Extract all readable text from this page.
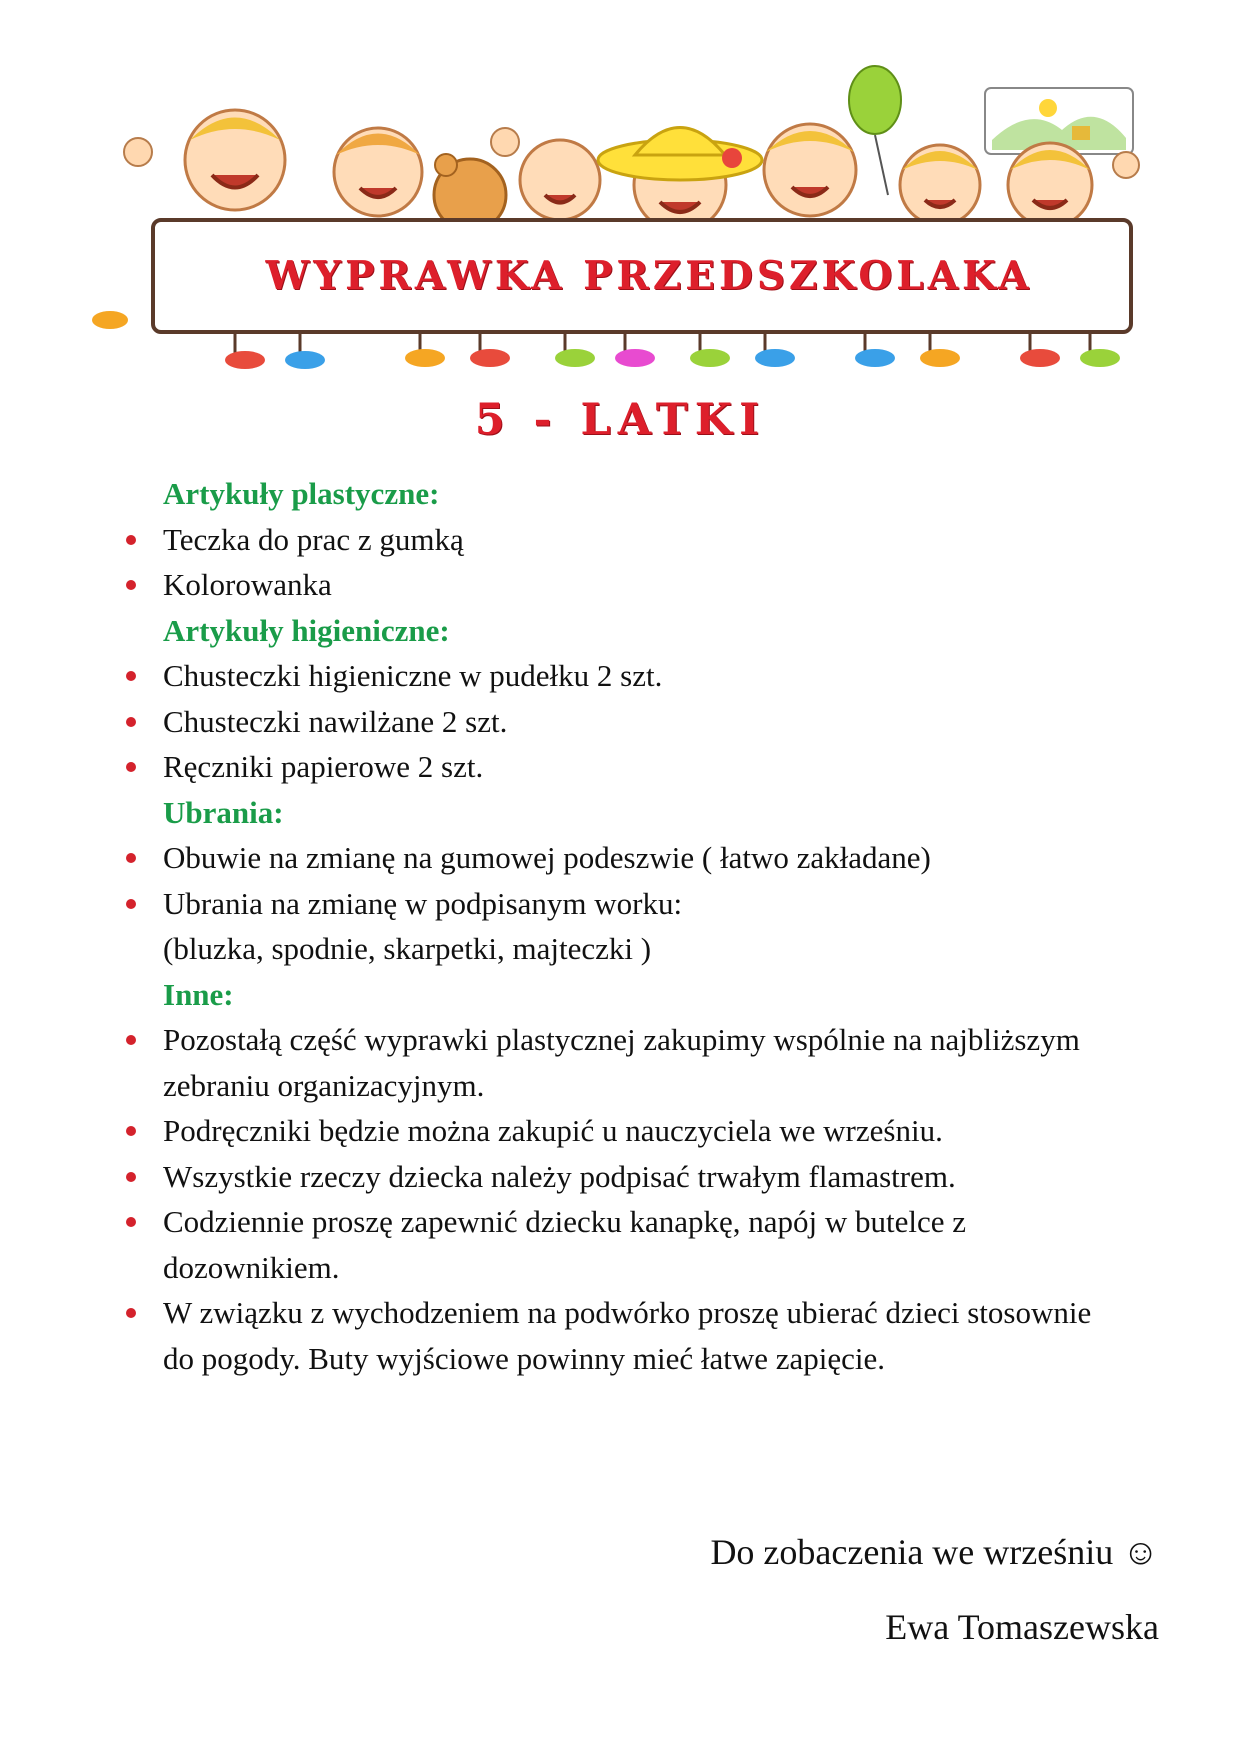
WYPRAWKA PRZEDSZKOLAKA
5 - LATKI
Artykuły plastyczne:
Teczka do prac z gumką
Kolorowanka
Artykuły higieniczne:
Chusteczki higieniczne w pudełku 2 szt.
Chusteczki nawilżane 2 szt.
Ręczniki papierowe 2 szt.
Ubrania:
Obuwie na zmianę na gumowej podeszwie ( łatwo zakładane)
Ubrania na zmianę w podpisanym worku:
(bluzka, spodnie, skarpetki, majteczki )
Inne:
Pozostałą część wyprawki plastycznej zakupimy wspólnie na najbliższym
zebraniu organizacyjnym.
Podręczniki będzie można zakupić u nauczyciela we wrześniu.
Wszystkie rzeczy dziecka należy podpisać trwałym flamastrem.
Codziennie proszę zapewnić dziecku kanapkę, napój w butelce z
dozownikiem.
W związku z wychodzeniem na podwórko proszę ubierać dzieci stosownie
do pogody. Buty wyjściowe powinny mieć łatwe zapięcie.
Do zobaczenia we wrześniu ☺
Ewa Tomaszewska
